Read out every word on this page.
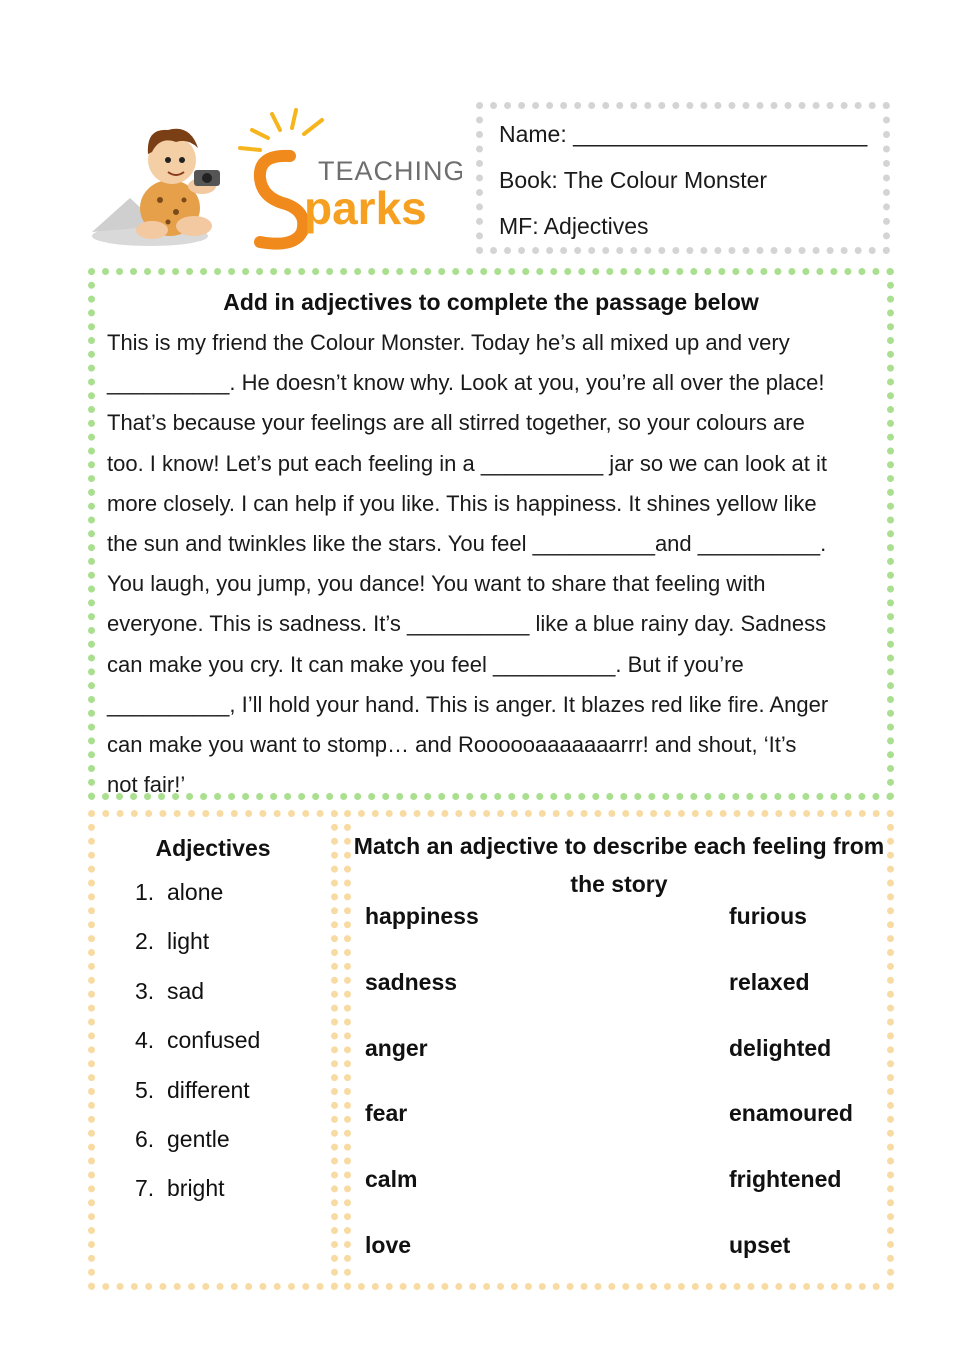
TEACHING
parks
Name: _______________________
Book: The Colour Monster
MF: Adjectives
Add in adjectives to complete the passage below

This is my friend the Colour Monster. Today he’s all mixed up and very
__________. He doesn’t know why. Look at you, you’re all over the place!
That’s because your feelings are all stirred together, so your colours are
too. I know! Let’s put each feeling in a __________ jar so we can look at it
more closely. I can help if you like. This is happiness. It shines yellow like
the sun and twinkles like the stars. You feel __________and __________.
You laugh, you jump, you dance! You want to share that feeling with
everyone. This is sadness. It’s __________ like a blue rainy day. Sadness
can make you cry. It can make you feel __________. But if you’re
__________, I’ll hold your hand. This is anger. It blazes red like fire. Anger
can make you want to stomp… and Roooooaaaaaaarrr! and shout, ‘It’s
not fair!’

Adjectives
1. alone
2. light
3. sad
4. confused
5. different
6. gentle
7. bright
Match an adjective to describe each feeling from the story
happiness
sadness
anger
fear
calm
love
furious
relaxed
delighted
enamoured
frightened
upset
